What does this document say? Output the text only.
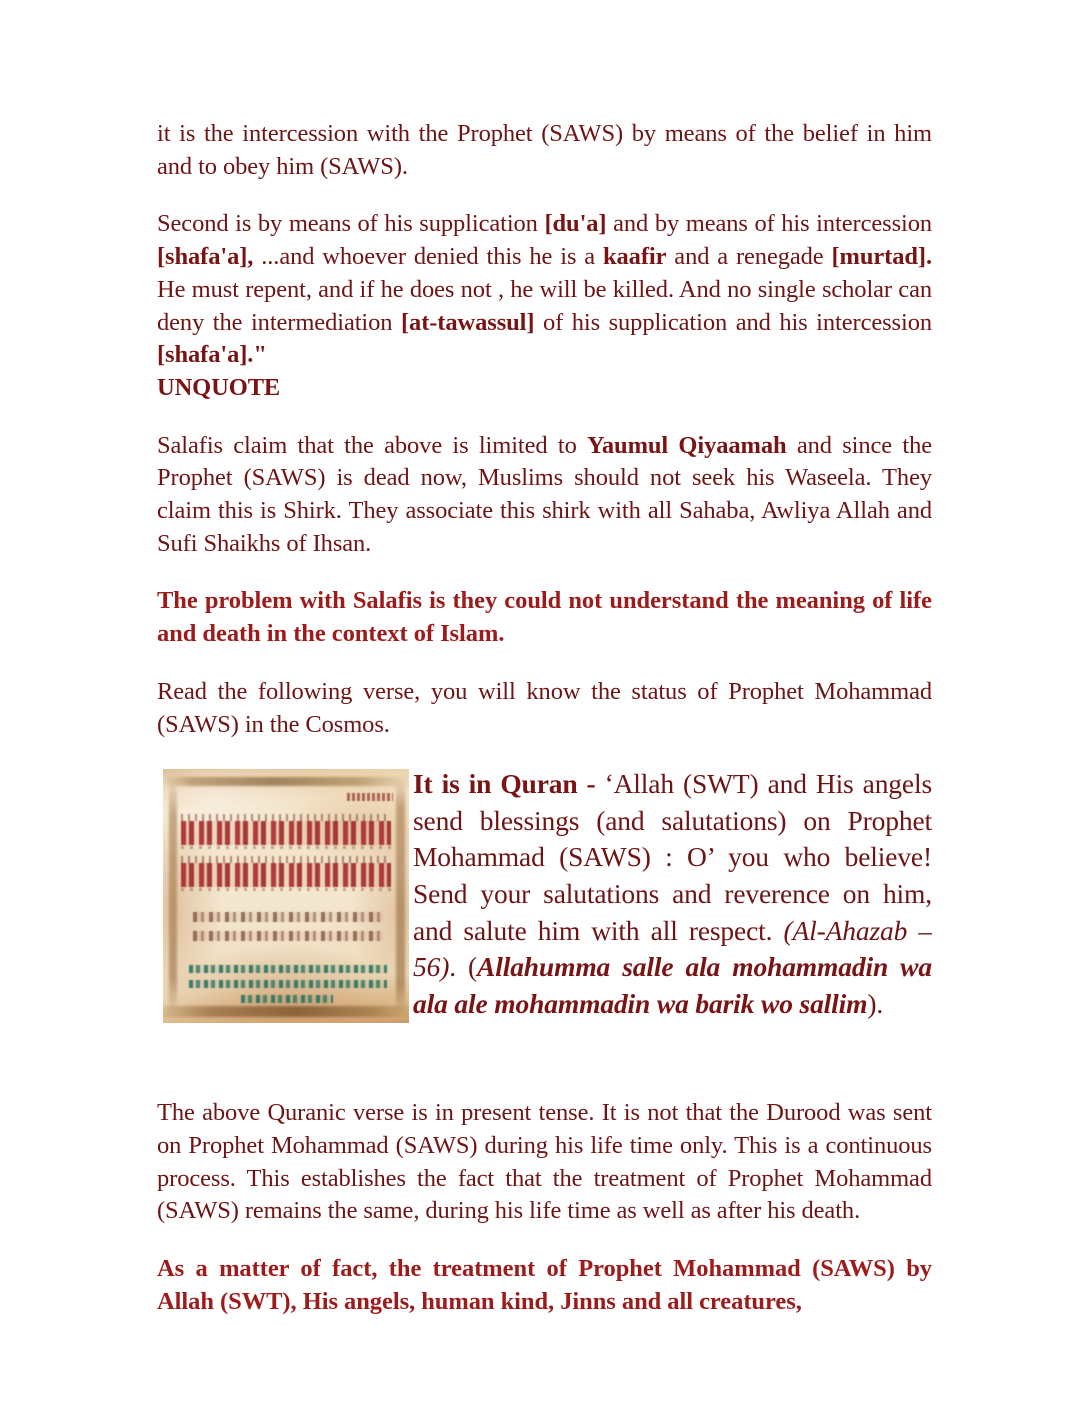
it is the intercession with the Prophet (SAWS) by means of the belief in him and to obey him (SAWS).

Second is by means of his supplication [du'a] and by means of his intercession [shafa'a], ...and whoever denied this he is a kaafir and a renegade [murtad]. He must repent, and if he does not , he will be killed. And no single scholar can deny the intermediation [at-tawassul] of his supplication and his intercession [shafa'a]."
UNQUOTE

Salafis claim that the above is limited to Yaumul Qiyaamah and since the Prophet (SAWS) is dead now, Muslims should not seek his Waseela. They claim this is Shirk. They associate this shirk with all Sahaba, Awliya Allah and Sufi Shaikhs of Ihsan.

The problem with Salafis is they could not understand the meaning of life and death in the context of Islam.

Read the following verse, you will know the status of Prophet Mohammad (SAWS) in the Cosmos.

It is in Quran - ‘Allah (SWT) and His angels send blessings (and salutations) on Prophet Mohammad (SAWS) : O’ you who believe! Send your salutations and reverence on him, and salute him with all respect. (Al-Ahazab – 56). (Allahumma salle ala mohammadin wa ala ale mohammadin wa barik wo sallim).

The above Quranic verse is in present tense. It is not that the Durood was sent on Prophet Mohammad (SAWS) during his life time only. This is a continuous process. This establishes the fact that the treatment of Prophet Mohammad (SAWS) remains the same, during his life time as well as after his death.

As a matter of fact, the treatment of Prophet Mohammad (SAWS) by Allah (SWT), His angels, human kind, Jinns and all creatures,
